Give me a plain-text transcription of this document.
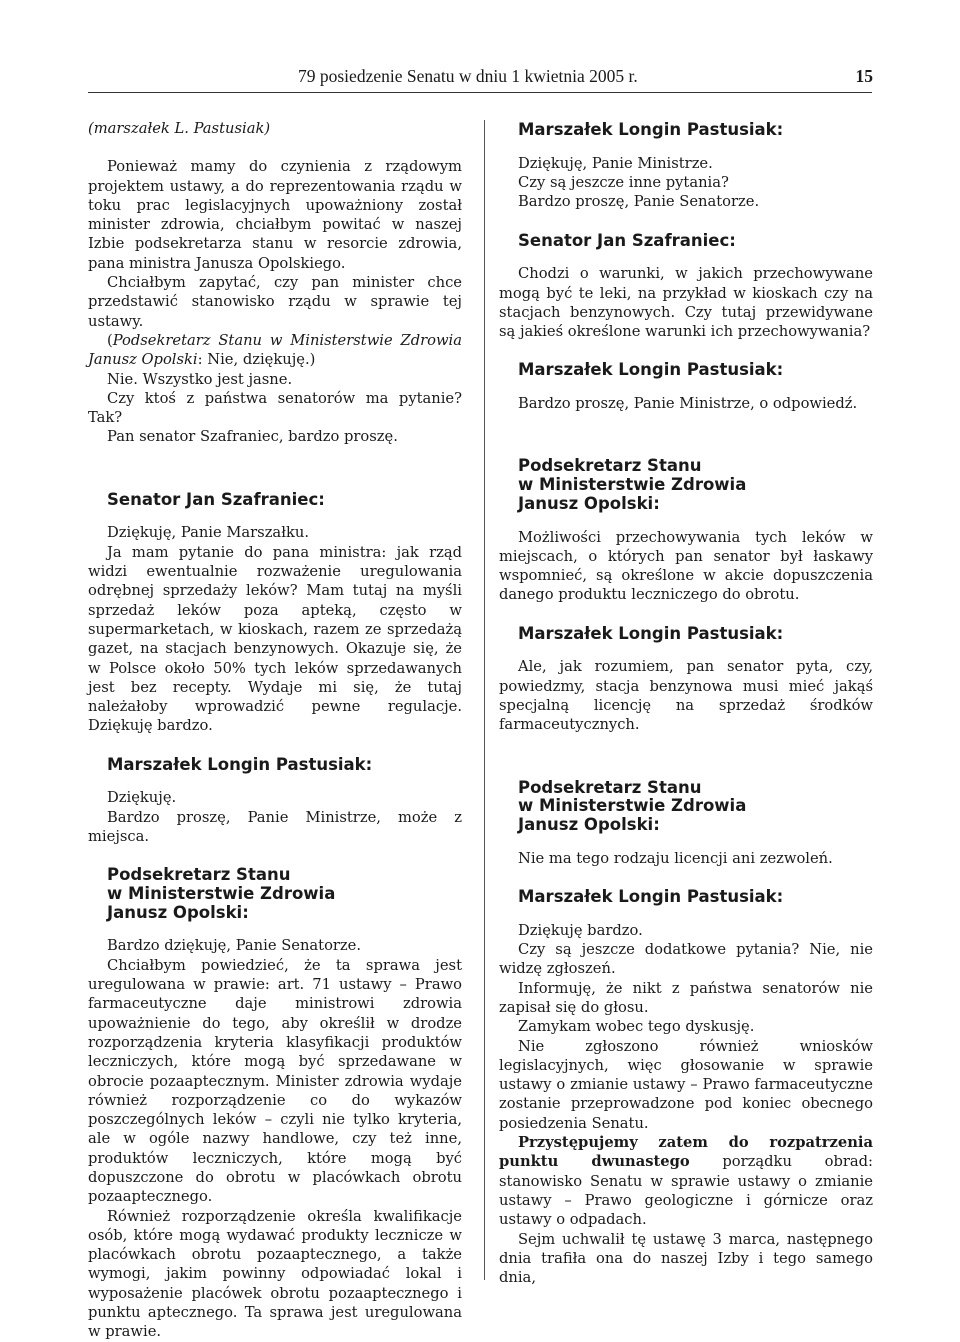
79 posiedzenie Senatu w dniu 1 kwietnia 2005 r.	15

(marszałek L. Pastusiak)

Ponieważ mamy do czynienia z rządowym projektem ustawy, a do reprezentowania rządu w toku prac legislacyjnych upoważniony został minister zdrowia, chciałbym powitać w naszej Izbie podsekretarza stanu w resorcie zdrowia, pana ministra Janusza Opolskiego.

Chciałbym zapytać, czy pan minister chce przedstawić stanowisko rządu w sprawie tej ustawy.

(Podsekretarz Stanu w Ministerstwie Zdrowia Janusz Opolski: Nie, dziękuję.)

Nie. Wszystko jest jasne.

Czy ktoś z państwa senatorów ma pytanie? Tak?

Pan senator Szafraniec, bardzo proszę.

Senator Jan Szafraniec:

Dziękuję, Panie Marszałku.

Ja mam pytanie do pana ministra: jak rząd widzi ewentualnie rozważenie uregulowania odrębnej sprzedaży leków? Mam tutaj na myśli sprzedaż leków poza apteką, często w supermarketach, w kioskach, razem ze sprzedażą gazet, na stacjach benzynowych. Okazuje się, że w Polsce około 50% tych leków sprzedawanych jest bez recepty. Wydaje mi się, że tutaj należałoby wprowadzić pewne regulacje. Dziękuję bardzo.

Marszałek Longin Pastusiak:

Dziękuję.

Bardzo proszę, Panie Ministrze, może z miejsca.

Podsekretarz Stanu
w Ministerstwie Zdrowia
Janusz Opolski:

Bardzo dziękuję, Panie Senatorze.

Chciałbym powiedzieć, że ta sprawa jest uregulowana w prawie: art. 71 ustawy – Prawo farmaceutyczne daje ministrowi zdrowia upoważnienie do tego, aby określił w drodze rozporządzenia kryteria klasyfikacji produktów leczniczych, które mogą być sprzedawane w obrocie pozaaptecznym. Minister zdrowia wydaje również rozporządzenie co do wykazów poszczególnych leków – czyli nie tylko kryteria, ale w ogóle nazwy handlowe, czy też inne, produktów leczniczych, które mogą być dopuszczone do obrotu w placówkach obrotu pozaaptecznego.

Również rozporządzenie określa kwalifikacje osób, które mogą wydawać produkty lecznicze w placówkach obrotu pozaaptecznego, a także wymogi, jakim powinny odpowiadać lokal i wyposażenie placówek obrotu pozaaptecznego i punktu aptecznego. Ta sprawa jest uregulowana w prawie.

Marszałek Longin Pastusiak:

Dziękuję, Panie Ministrze.

Czy są jeszcze inne pytania?

Bardzo proszę, Panie Senatorze.

Senator Jan Szafraniec:

Chodzi o warunki, w jakich przechowywane mogą być te leki, na przykład w kioskach czy na stacjach benzynowych. Czy tutaj przewidywane są jakieś określone warunki ich przechowywania?

Marszałek Longin Pastusiak:

Bardzo proszę, Panie Ministrze, o odpowiedź.

Podsekretarz Stanu
w Ministerstwie Zdrowia
Janusz Opolski:

Możliwości przechowywania tych leków w miejscach, o których pan senator był łaskawy wspomnieć, są określone w akcie dopuszczenia danego produktu leczniczego do obrotu.

Marszałek Longin Pastusiak:

Ale, jak rozumiem, pan senator pyta, czy, powiedzmy, stacja benzynowa musi mieć jakąś specjalną licencję na sprzedaż środków farmaceutycznych.

Podsekretarz Stanu
w Ministerstwie Zdrowia
Janusz Opolski:

Nie ma tego rodzaju licencji ani zezwoleń.

Marszałek Longin Pastusiak:

Dziękuję bardzo.

Czy są jeszcze dodatkowe pytania? Nie, nie widzę zgłoszeń.

Informuję, że nikt z państwa senatorów nie zapisał się do głosu.

Zamykam wobec tego dyskusję.

Nie zgłoszono również wniosków legislacyjnych, więc głosowanie w sprawie ustawy o zmianie ustawy – Prawo farmaceutyczne zostanie przeprowadzone pod koniec obecnego posiedzenia Senatu.

Przystępujemy zatem do rozpatrzenia punktu dwunastego porządku obrad: stanowisko Senatu w sprawie ustawy o zmianie ustawy – Prawo geologiczne i górnicze oraz ustawy o odpadach.

Sejm uchwalił tę ustawę 3 marca, następnego dnia trafiła ona do naszej Izby i tego samego dnia,
